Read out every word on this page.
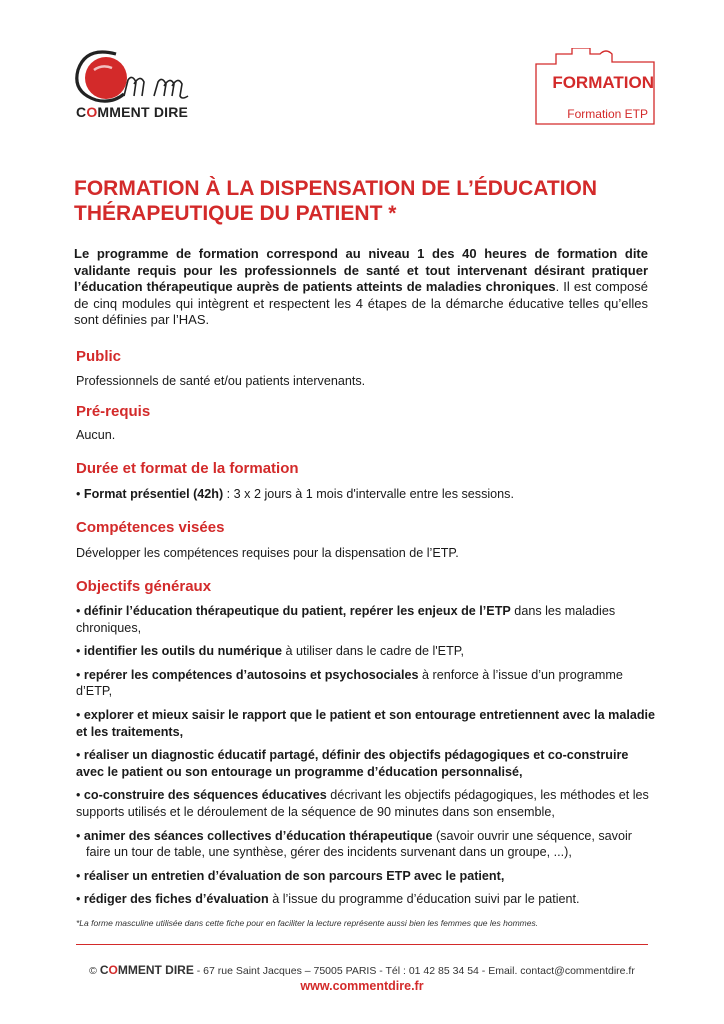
COMMENT DIRE
FORMATION
Formation ETP
FORMATION À LA DISPENSATION DE L’ÉDUCATION THÉRAPEUTIQUE DU PATIENT *

Le programme de formation correspond au niveau 1 des 40 heures de formation dite validante requis pour les professionnels de santé et tout intervenant désirant pratiquer l’éducation thérapeutique auprès de patients atteints de maladies chroniques. Il est composé de cinq modules qui intègrent et respectent les 4 étapes de la démarche éducative telles qu’elles sont définies par l’HAS.

Public

Professionnels de santé et/ou patients intervenants.

Pré-requis

Aucun.

Durée et format de la formation

• Format présentiel (42h) : 3 x 2 jours à 1 mois d'intervalle entre les sessions.

Compétences visées

Développer les compétences requises pour la dispensation de l’ETP.

Objectifs généraux
• définir l’éducation thérapeutique du patient, repérer les enjeux de l’ETP dans les maladies chroniques,
• identifier les outils du numérique à utiliser dans le cadre de l'ETP,
• repérer les compétences d’autosoins et psychosociales à renforce à l’issue d’un programme d’ETP,
• explorer et mieux saisir le rapport que le patient et son entourage entretiennent avec la maladie et les traitements,
• réaliser un diagnostic éducatif partagé, définir des objectifs pédagogiques et co-construire avec le patient ou son entourage un programme d’éducation personnalisé,
• co-construire des séquences éducatives décrivant les objectifs pédagogiques, les méthodes et les supports utilisés et le déroulement de la séquence de 90 minutes dans son ensemble,
• animer des séances collectives d’éducation thérapeutique (savoir ouvrir une séquence, savoir faire un tour de table, une synthèse, gérer des incidents survenant dans un groupe, ...),
• réaliser un entretien d’évaluation de son parcours ETP avec le patient,
• rédiger des fiches d’évaluation à l’issue du programme d’éducation suivi par le patient.
*La forme masculine utilisée dans cette fiche pour en faciliter la lecture représente aussi bien les femmes que les hommes.
© COMMENT DIRE - 67 rue Saint Jacques – 75005 PARIS - Tél : 01 42 85 34 54 - Email. contact@commentdire.fr
www.commentdire.fr
